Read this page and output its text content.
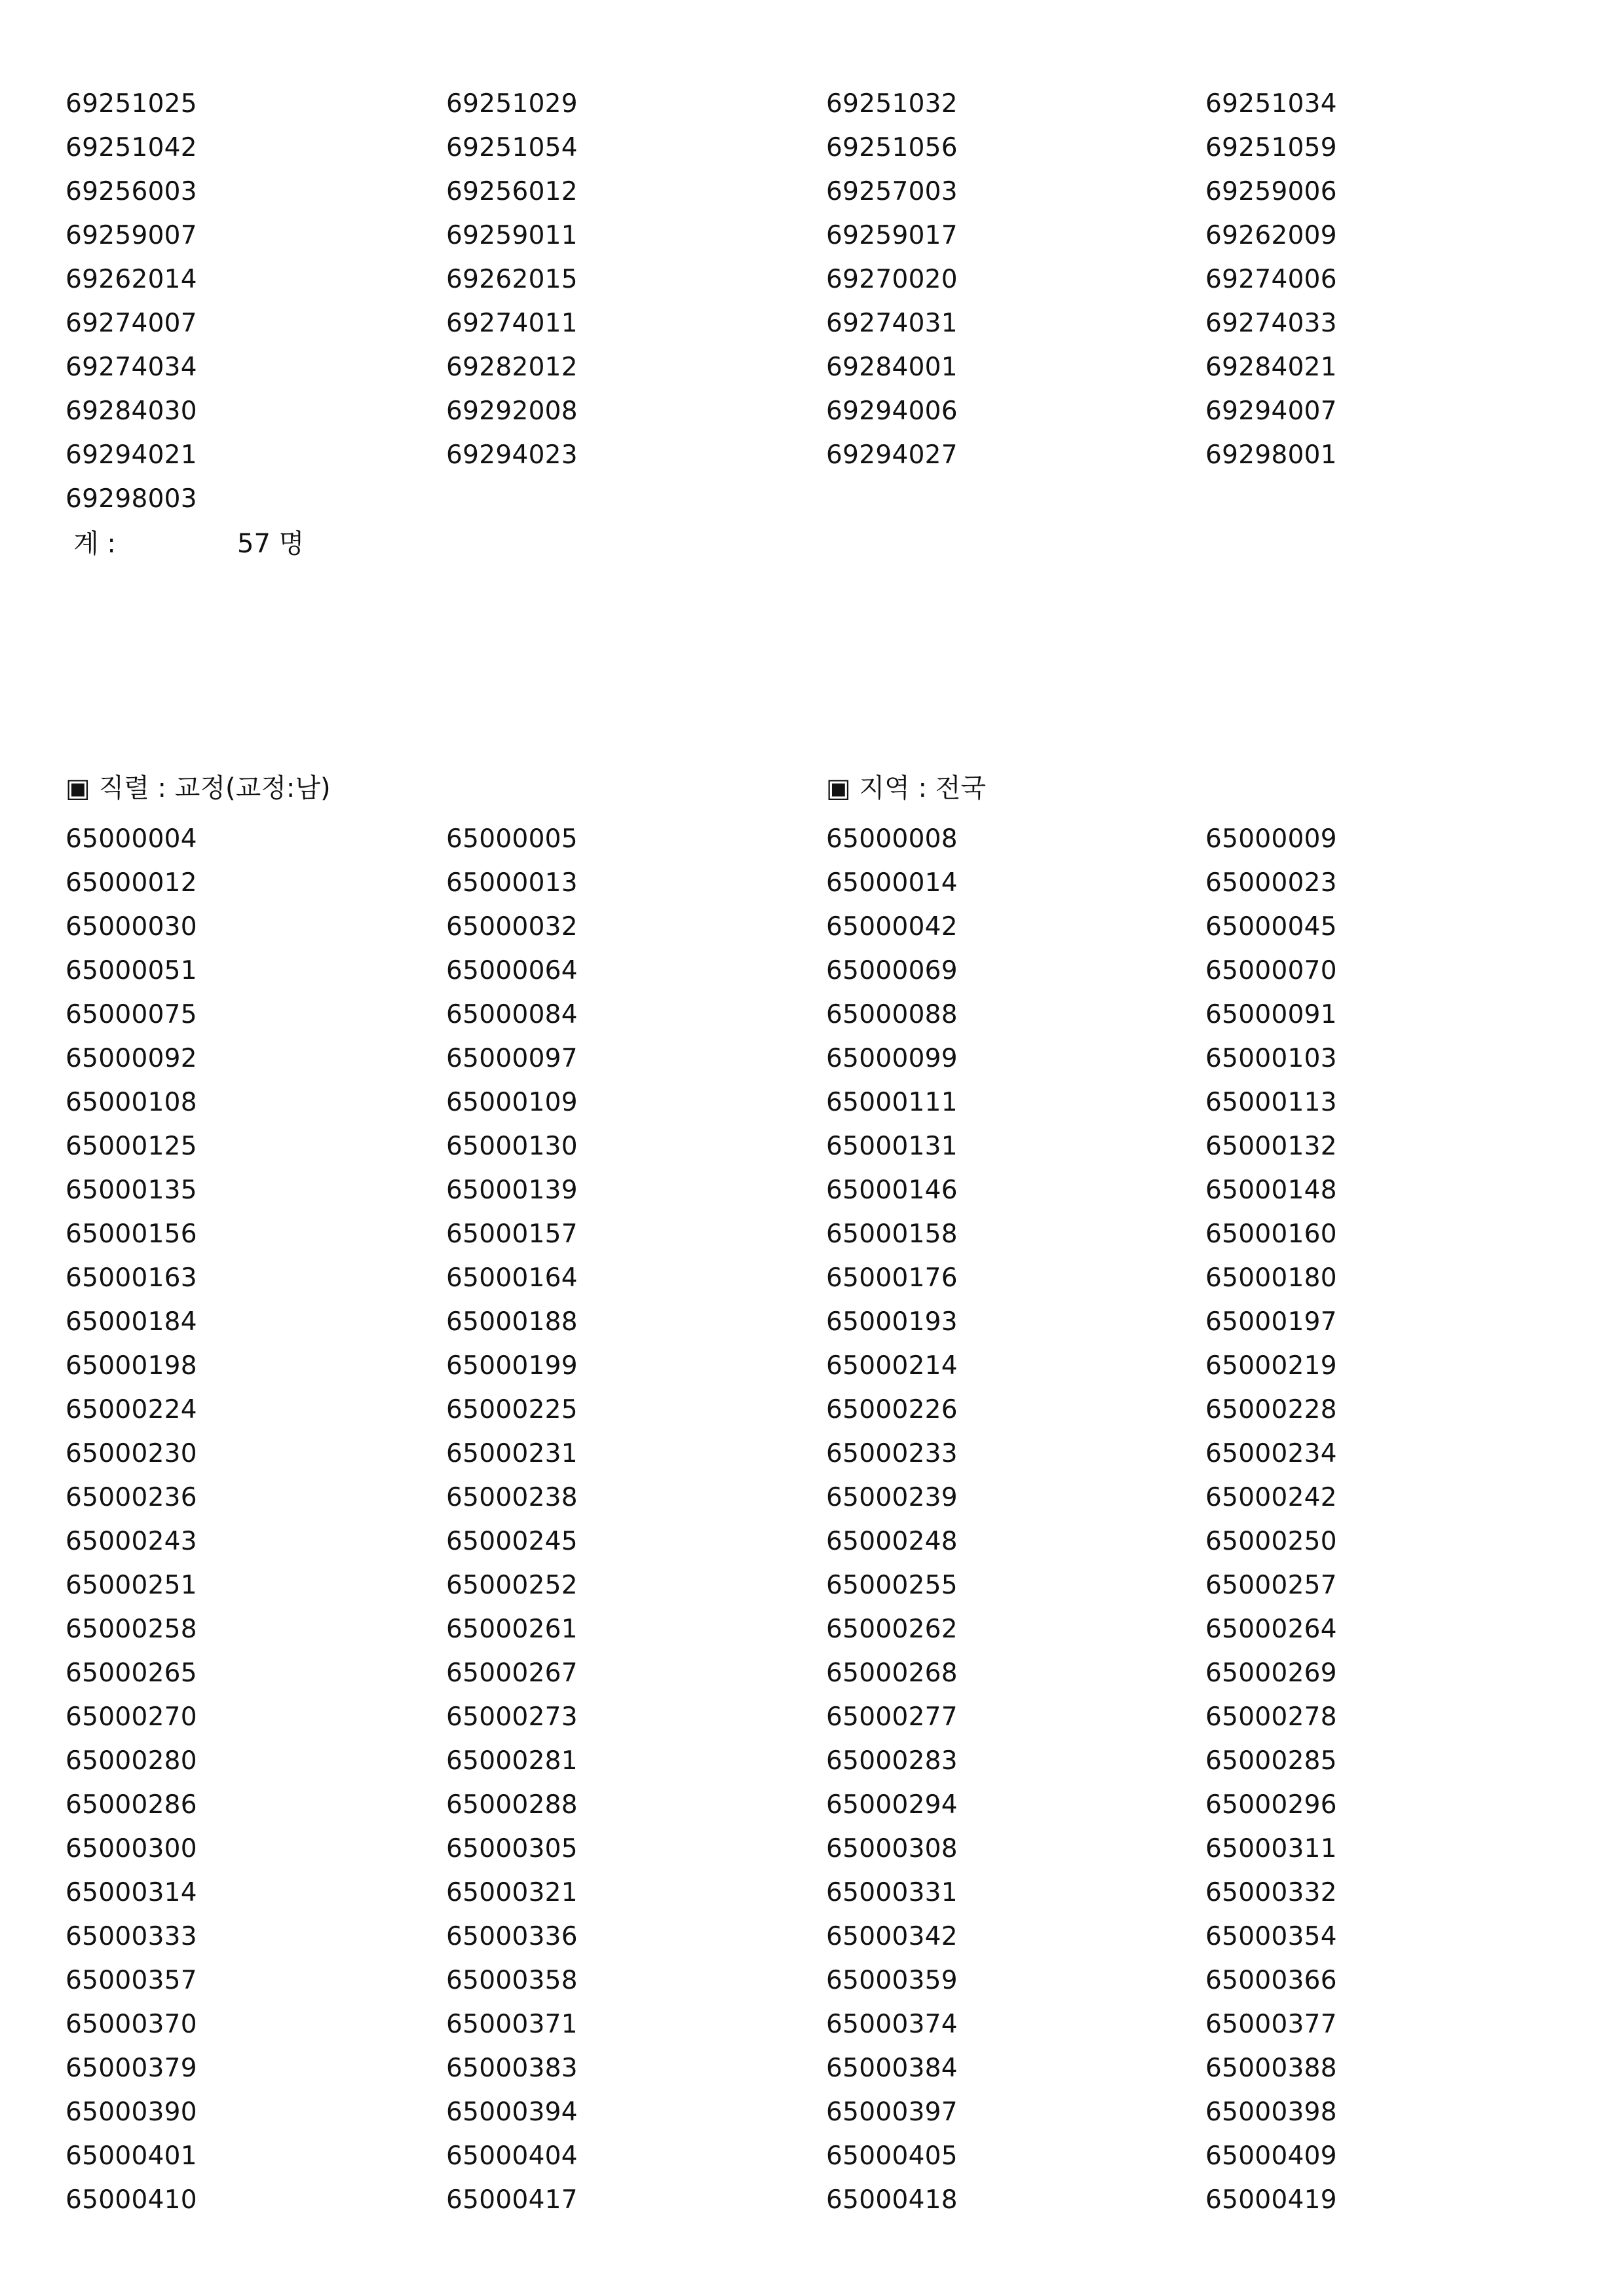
69251025	69251029	69251032	69251034
69251042	69251054	69251056	69251059
69256003	69256012	69257003	69259006
69259007	69259011	69259017	69262009
69262014	69262015	69270020	69274006
69274007	69274011	69274031	69274033
69274034	69282012	69284001	69284021
69284030	69292008	69294006	69294007
69294021	69294023	69294027	69298001
69298003
계 :	57 명
▣ 직렬 : 교정(교정:남)	▣ 지역 : 전국
65000004	65000005	65000008	65000009
65000012	65000013	65000014	65000023
65000030	65000032	65000042	65000045
65000051	65000064	65000069	65000070
65000075	65000084	65000088	65000091
65000092	65000097	65000099	65000103
65000108	65000109	65000111	65000113
65000125	65000130	65000131	65000132
65000135	65000139	65000146	65000148
65000156	65000157	65000158	65000160
65000163	65000164	65000176	65000180
65000184	65000188	65000193	65000197
65000198	65000199	65000214	65000219
65000224	65000225	65000226	65000228
65000230	65000231	65000233	65000234
65000236	65000238	65000239	65000242
65000243	65000245	65000248	65000250
65000251	65000252	65000255	65000257
65000258	65000261	65000262	65000264
65000265	65000267	65000268	65000269
65000270	65000273	65000277	65000278
65000280	65000281	65000283	65000285
65000286	65000288	65000294	65000296
65000300	65000305	65000308	65000311
65000314	65000321	65000331	65000332
65000333	65000336	65000342	65000354
65000357	65000358	65000359	65000366
65000370	65000371	65000374	65000377
65000379	65000383	65000384	65000388
65000390	65000394	65000397	65000398
65000401	65000404	65000405	65000409
65000410	65000417	65000418	65000419
